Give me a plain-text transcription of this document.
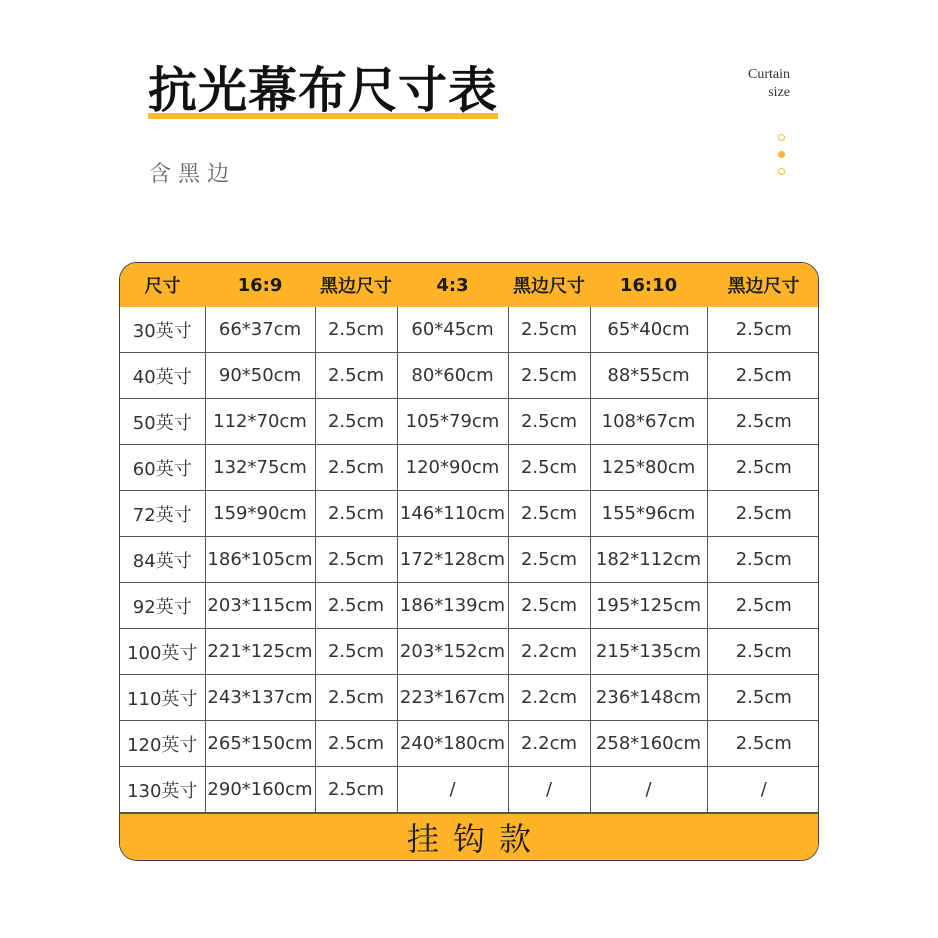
抗光幕布尺寸表
含黑边
Curtain
size
尺寸	16:9	黑边尺寸	4:3	黑边尺寸	16:10	黑边尺寸
30英寸	66*37cm	2.5cm	60*45cm	2.5cm	65*40cm	2.5cm
40英寸	90*50cm	2.5cm	80*60cm	2.5cm	88*55cm	2.5cm
50英寸	112*70cm	2.5cm	105*79cm	2.5cm	108*67cm	2.5cm
60英寸	132*75cm	2.5cm	120*90cm	2.5cm	125*80cm	2.5cm
72英寸	159*90cm	2.5cm	146*110cm	2.5cm	155*96cm	2.5cm
84英寸	186*105cm	2.5cm	172*128cm	2.5cm	182*112cm	2.5cm
92英寸	203*115cm	2.5cm	186*139cm	2.5cm	195*125cm	2.5cm
100英寸	221*125cm	2.5cm	203*152cm	2.2cm	215*135cm	2.5cm
110英寸	243*137cm	2.5cm	223*167cm	2.2cm	236*148cm	2.5cm
120英寸	265*150cm	2.5cm	240*180cm	2.2cm	258*160cm	2.5cm
130英寸	290*160cm	2.5cm	/	/	/	/
挂钩款
